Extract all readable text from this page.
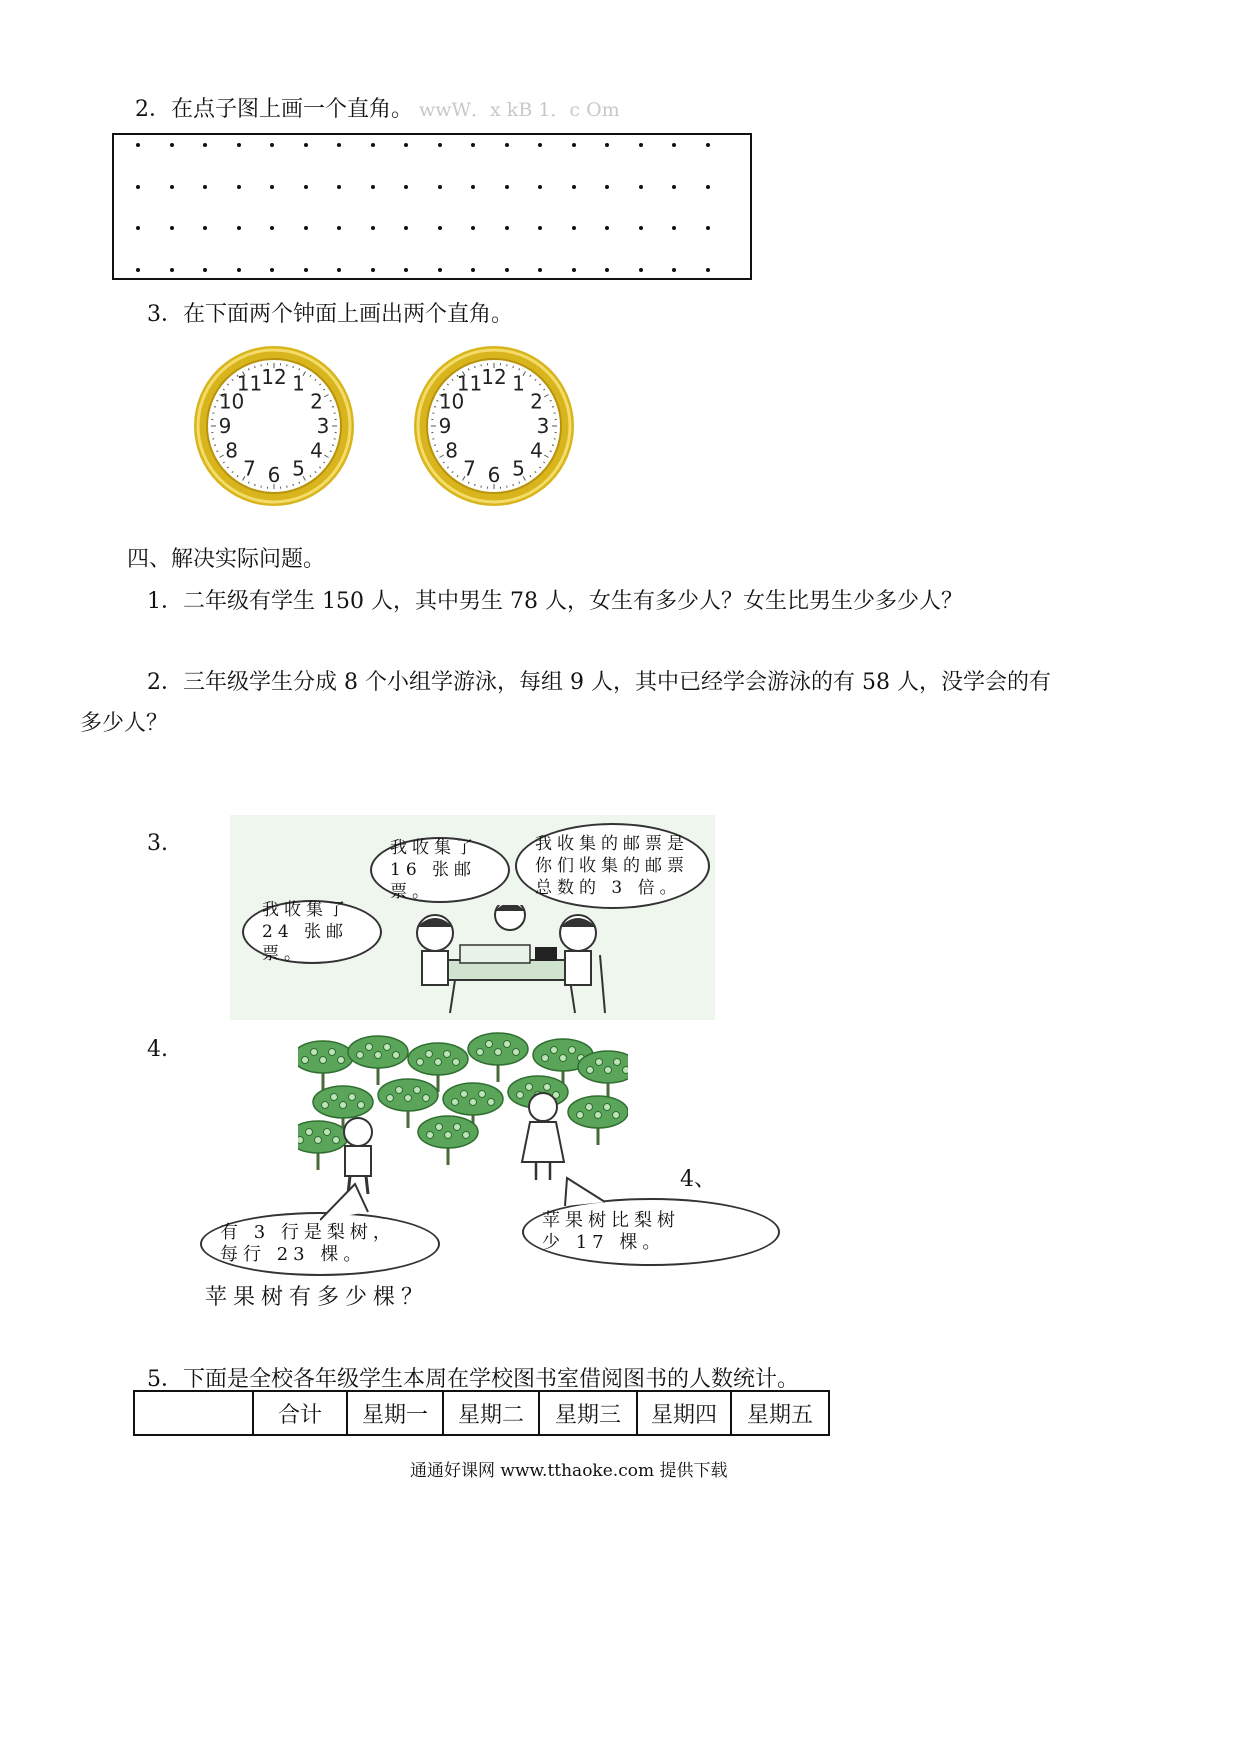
2．在点子图上画一个直角。 wwW．x kB 1．c Om
3．在下面两个钟面上画出两个直角。
12 1
2
3
4
5
6
7
8
9
10
11	12 1
2
3
4
5
6
7
8
9
10
11
四、解决实际问题。
1．二年级有学生 150 人，其中男生 78 人，女生有多少人？女生比男生少多少人？
2．三年级学生分成 8 个小组学游泳，每组 9 人，其中已经学会游泳的有 58 人，没学会的有
多少人？
3.	我收集了
16 张邮票。
我收集的邮票是
你们收集的邮票
总数的 3 倍。
我收集了
24 张邮票。
4.
4、
有 3 行是梨树，
每行 23 棵。
苹果树比梨树
少 17 棵。
苹果树有多少棵？
5．下面是全校各年级学生本周在学校图书室借阅图书的人数统计。
	合计	星期一	星期二	星期三	星期四	星期五
通通好课网 www.tthaoke.com 提供下载
